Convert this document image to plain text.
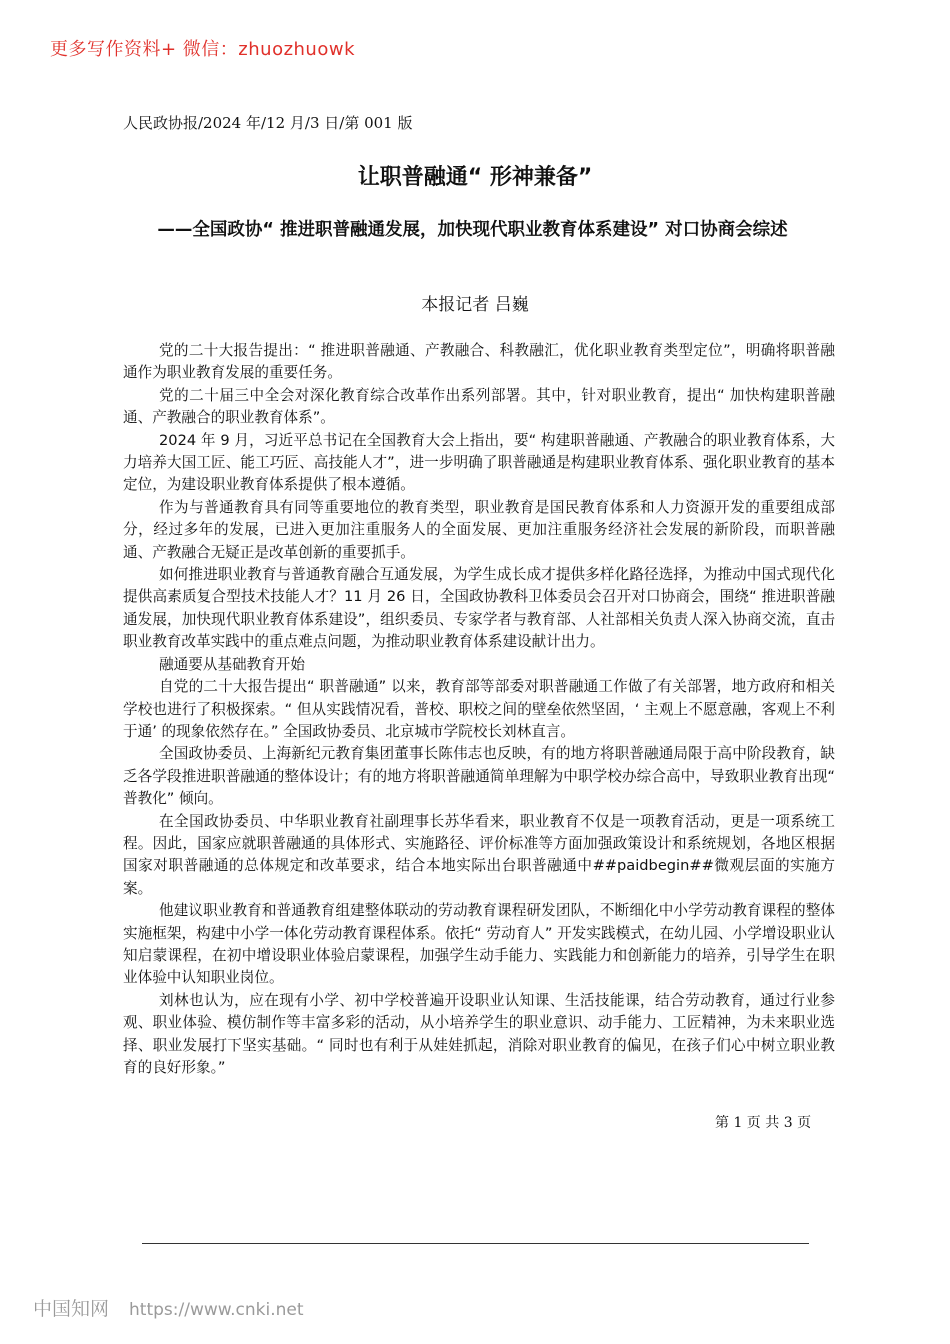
更多写作资料+ 微信：zhuozhuowk
人民政协报/2024 年/12 月/3 日/第 001 版
让职普融通“ 形神兼备”
——全国政协“ 推进职普融通发展，加快现代职业教育体系建设” 对口协商会综述
本报记者 吕巍

党的二十大报告提出：“ 推进职普融通、产教融合、科教融汇，优化职业教育类型定位”，明确将职普融通作为职业教育发展的重要任务。

党的二十届三中全会对深化教育综合改革作出系列部署。其中，针对职业教育，提出“ 加快构建职普融通、产教融合的职业教育体系”。

2024 年 9 月，习近平总书记在全国教育大会上指出，要“ 构建职普融通、产教融合的职业教育体系，大力培养大国工匠、能工巧匠、高技能人才”，进一步明确了职普融通是构建职业教育体系、强化职业教育的基本定位，为建设职业教育体系提供了根本遵循。

作为与普通教育具有同等重要地位的教育类型，职业教育是国民教育体系和人力资源开发的重要组成部分，经过多年的发展，已进入更加注重服务人的全面发展、更加注重服务经济社会发展的新阶段，而职普融通、产教融合无疑正是改革创新的重要抓手。

如何推进职业教育与普通教育融合互通发展，为学生成长成才提供多样化路径选择，为推动中国式现代化提供高素质复合型技术技能人才？11 月 26 日，全国政协教科卫体委员会召开对口协商会，围绕“ 推进职普融通发展，加快现代职业教育体系建设”，组织委员、专家学者与教育部、人社部相关负责人深入协商交流，直击职业教育改革实践中的重点难点问题，为推动职业教育体系建设献计出力。

融通要从基础教育开始

自党的二十大报告提出“ 职普融通” 以来，教育部等部委对职普融通工作做了有关部署，地方政府和相关学校也进行了积极探索。“ 但从实践情况看，普校、职校之间的壁垒依然坚固，‘ 主观上不愿意融，客观上不利于通’ 的现象依然存在。” 全国政协委员、北京城市学院校长刘林直言。

全国政协委员、上海新纪元教育集团董事长陈伟志也反映，有的地方将职普融通局限于高中阶段教育，缺乏各学段推进职普融通的整体设计；有的地方将职普融通简单理解为中职学校办综合高中，导致职业教育出现“ 普教化” 倾向。

在全国政协委员、中华职业教育社副理事长苏华看来，职业教育不仅是一项教育活动，更是一项系统工程。因此，国家应就职普融通的具体形式、实施路径、评价标准等方面加强政策设计和系统规划，各地区根据国家对职普融通的总体规定和改革要求，结合本地实际出台职普融通中##paidbegin##微观层面的实施方案。

他建议职业教育和普通教育组建整体联动的劳动教育课程研发团队，不断细化中小学劳动教育课程的整体实施框架，构建中小学一体化劳动教育课程体系。依托“ 劳动育人” 开发实践模式，在幼儿园、小学增设职业认知启蒙课程，在初中增设职业体验启蒙课程，加强学生动手能力、实践能力和创新能力的培养，引导学生在职业体验中认知职业岗位。

刘林也认为，应在现有小学、初中学校普遍开设职业认知课、生活技能课，结合劳动教育，通过行业参观、职业体验、模仿制作等丰富多彩的活动，从小培养学生的职业意识、动手能力、工匠精神，为未来职业选择、职业发展打下坚实基础。“ 同时也有利于从娃娃抓起，消除对职业教育的偏见，在孩子们心中树立职业教育的良好形象。”

第 1 页 共 3 页
中国知网 https://www.cnki.net
